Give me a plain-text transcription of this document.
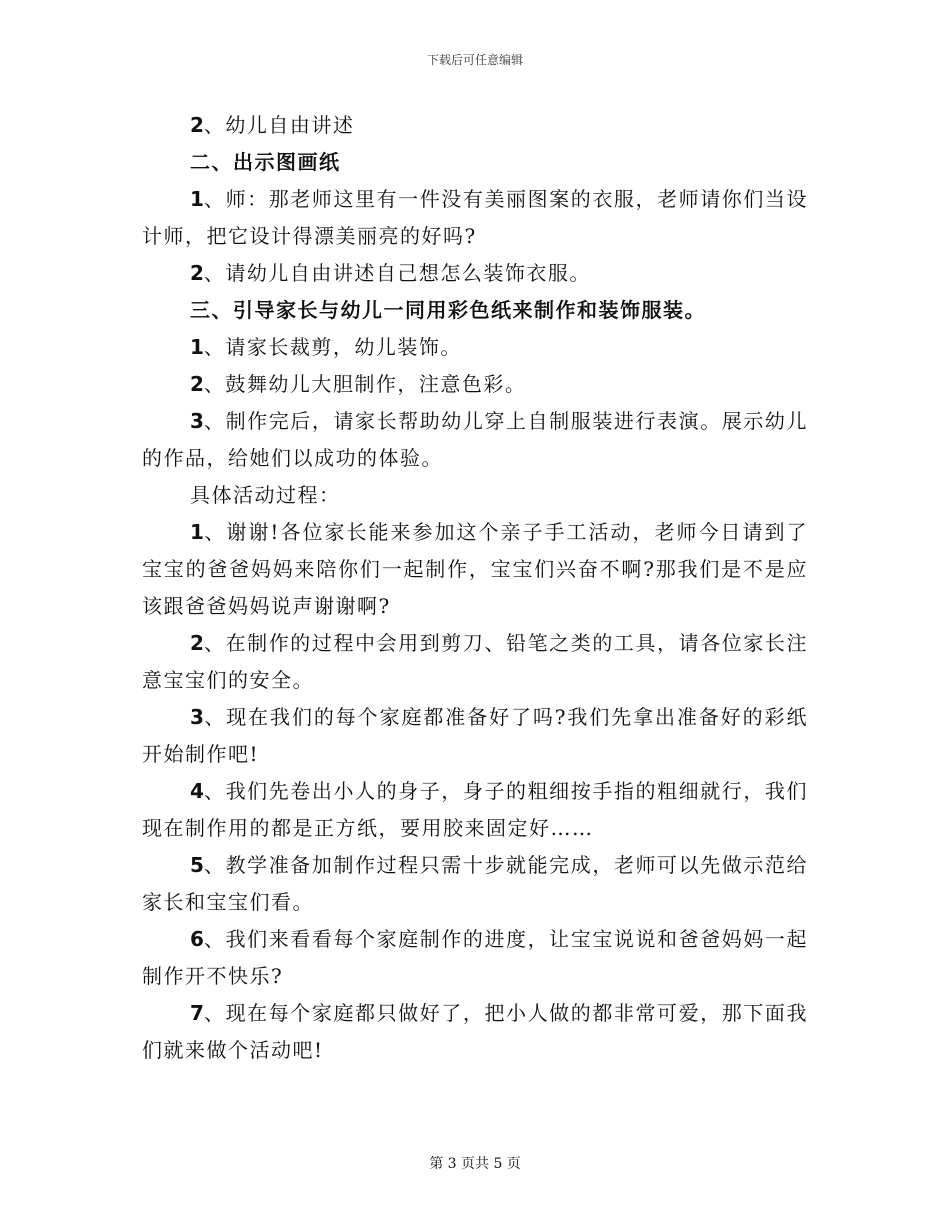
下载后可任意编辑

2、幼儿自由讲述

二、出示图画纸

1、师：那老师这里有一件没有美丽图案的衣服，老师请你们当设计师，把它设计得漂美丽亮的好吗?

2、请幼儿自由讲述自己想怎么装饰衣服。

三、引导家长与幼儿一同用彩色纸来制作和装饰服装。

1、请家长裁剪，幼儿装饰。

2、鼓舞幼儿大胆制作，注意色彩。

3、制作完后，请家长帮助幼儿穿上自制服装进行表演。展示幼儿的作品，给她们以成功的体验。

具体活动过程：

1、谢谢!各位家长能来参加这个亲子手工活动，老师今日请到了宝宝的爸爸妈妈来陪你们一起制作，宝宝们兴奋不啊?那我们是不是应该跟爸爸妈妈说声谢谢啊?

2、在制作的过程中会用到剪刀、铅笔之类的工具，请各位家长注意宝宝们的安全。

3、现在我们的每个家庭都准备好了吗?我们先拿出准备好的彩纸开始制作吧!

4、我们先卷出小人的身子，身子的粗细按手指的粗细就行，我们现在制作用的都是正方纸，要用胶来固定好……

5、教学准备加制作过程只需十步就能完成，老师可以先做示范给家长和宝宝们看。

6、我们来看看每个家庭制作的进度，让宝宝说说和爸爸妈妈一起制作开不快乐?

7、现在每个家庭都只做好了，把小人做的都非常可爱，那下面我们就来做个活动吧!

第 3 页共 5 页
